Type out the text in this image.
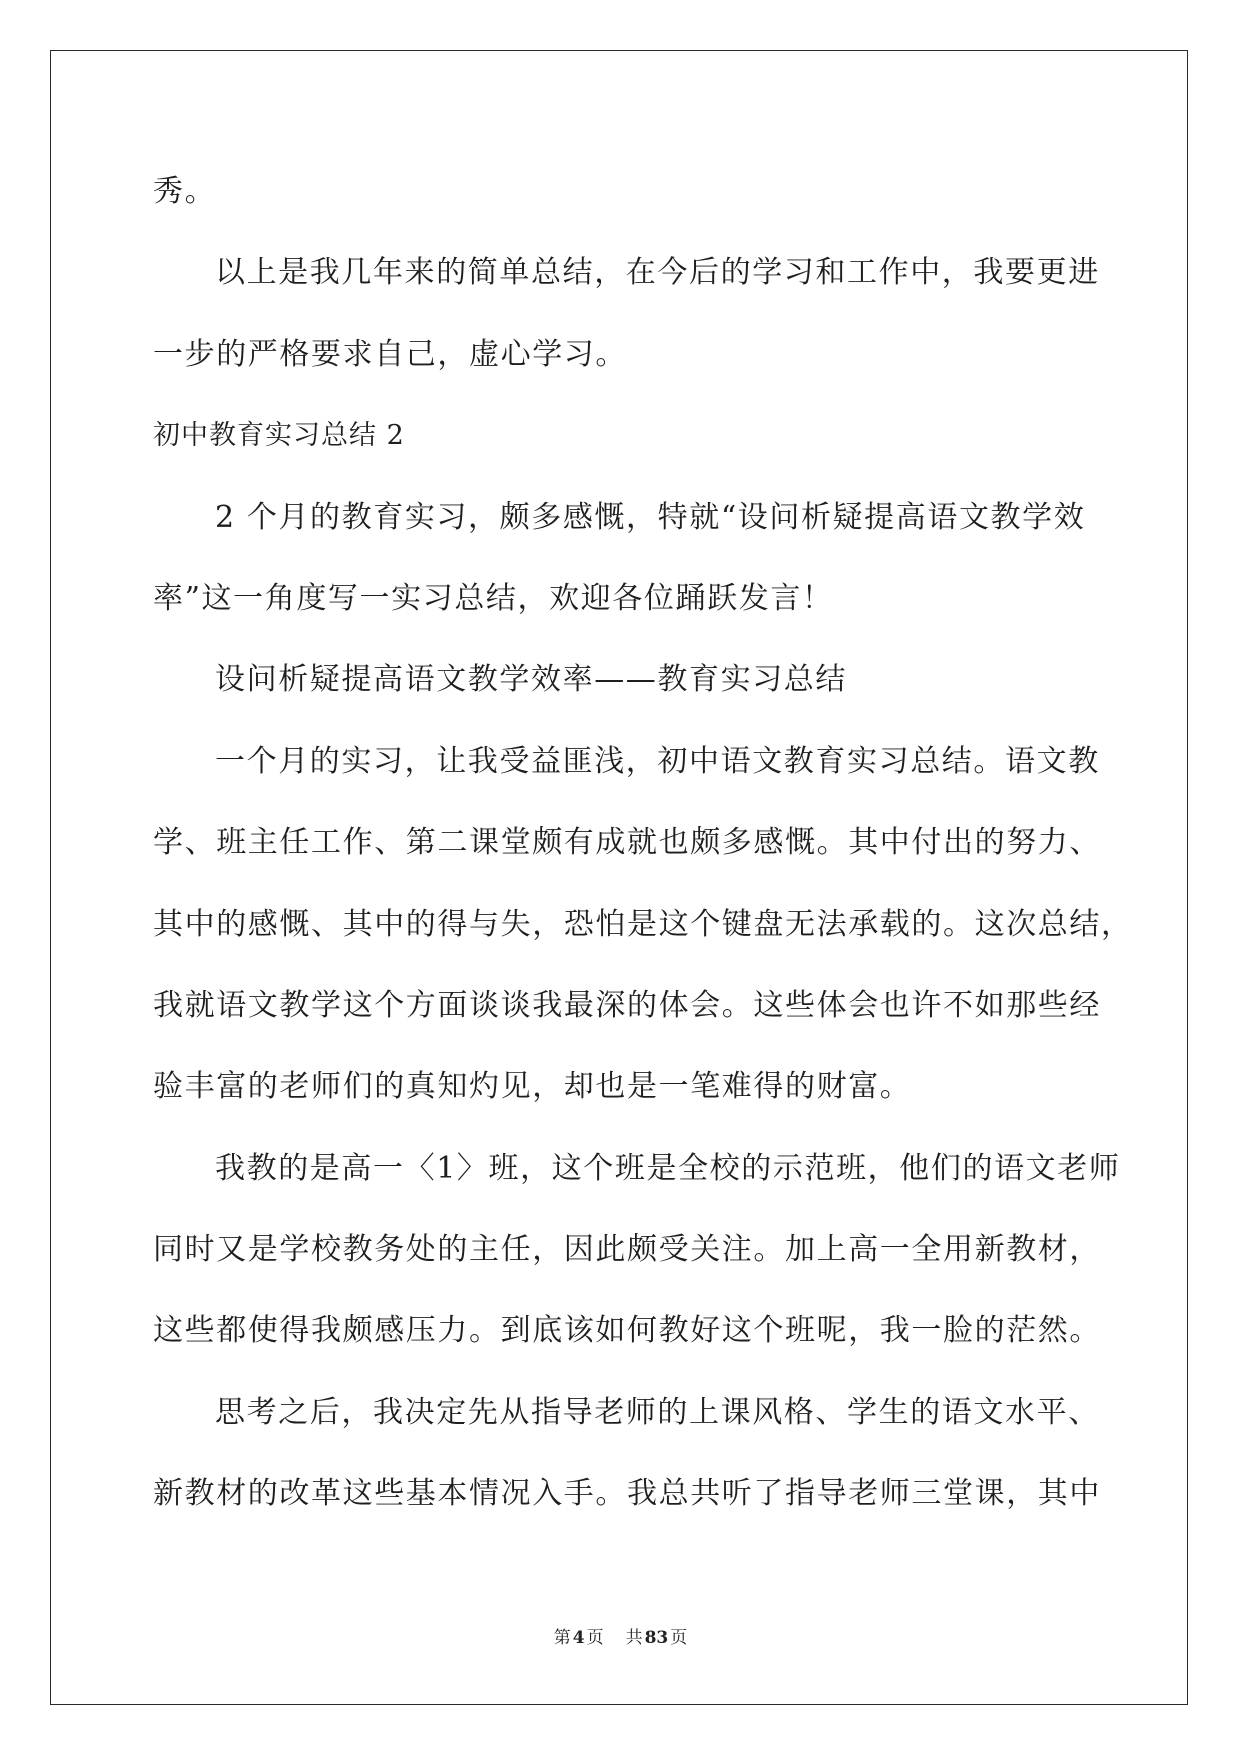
秀。
以上是我几年来的简单总结，在今后的学习和工作中，我要更进
一步的严格要求自己，虚心学习。
初中教育实习总结 2
2 个月的教育实习，颇多感慨，特就“设问析疑提高语文教学效
率”这一角度写一实习总结，欢迎各位踊跃发言！
设问析疑提高语文教学效率——教育实习总结
一个月的实习，让我受益匪浅，初中语文教育实习总结。语文教
学、班主任工作、第二课堂颇有成就也颇多感慨。其中付出的努力、
其中的感慨、其中的得与失，恐怕是这个键盘无法承载的。这次总结，
我就语文教学这个方面谈谈我最深的体会。这些体会也许不如那些经
验丰富的老师们的真知灼见，却也是一笔难得的财富。
我教的是高一〈1〉班，这个班是全校的示范班，他们的语文老师
同时又是学校教务处的主任，因此颇受关注。加上高一全用新教材，
这些都使得我颇感压力。到底该如何教好这个班呢，我一脸的茫然。
思考之后，我决定先从指导老师的上课风格、学生的语文水平、
新教材的改革这些基本情况入手。我总共听了指导老师三堂课，其中
第 4 页 共 83 页
